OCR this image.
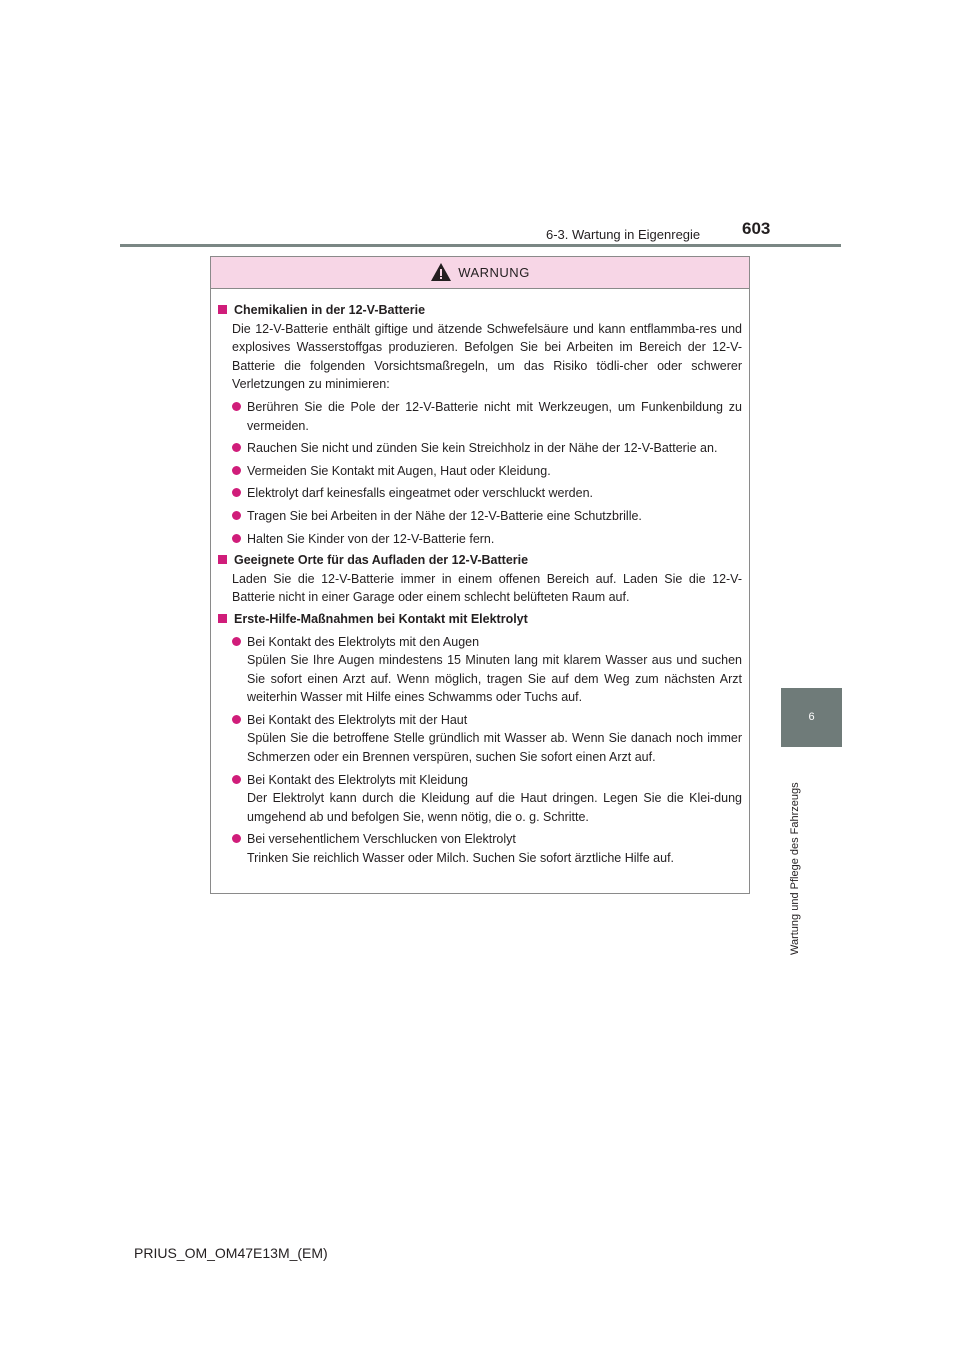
6-3. Wartung in Eigenregie 603
6
Wartung und Pflege des Fahrzeugs
WARNUNG
Chemikalien in der 12-V-Batterie
Die 12-V-Batterie enthält giftige und ätzende Schwefelsäure und kann entflammba-res und explosives Wasserstoffgas produzieren. Befolgen Sie bei Arbeiten im Bereich der 12-V-Batterie die folgenden Vorsichtsmaßregeln, um das Risiko tödli-cher oder schwerer Verletzungen zu minimieren:
Berühren Sie die Pole der 12-V-Batterie nicht mit Werkzeugen, um Funkenbildung zu vermeiden.
Rauchen Sie nicht und zünden Sie kein Streichholz in der Nähe der 12-V-Batterie an.
Vermeiden Sie Kontakt mit Augen, Haut oder Kleidung.
Elektrolyt darf keinesfalls eingeatmet oder verschluckt werden.
Tragen Sie bei Arbeiten in der Nähe der 12-V-Batterie eine Schutzbrille.
Halten Sie Kinder von der 12-V-Batterie fern.
Geeignete Orte für das Aufladen der 12-V-Batterie
Laden Sie die 12-V-Batterie immer in einem offenen Bereich auf. Laden Sie die 12-V-Batterie nicht in einer Garage oder einem schlecht belüfteten Raum auf.
Erste-Hilfe-Maßnahmen bei Kontakt mit Elektrolyt
Bei Kontakt des Elektrolyts mit den Augen
Spülen Sie Ihre Augen mindestens 15 Minuten lang mit klarem Wasser aus und suchen Sie sofort einen Arzt auf. Wenn möglich, tragen Sie auf dem Weg zum nächsten Arzt weiterhin Wasser mit Hilfe eines Schwamms oder Tuchs auf.
Bei Kontakt des Elektrolyts mit der Haut
Spülen Sie die betroffene Stelle gründlich mit Wasser ab. Wenn Sie danach noch immer Schmerzen oder ein Brennen verspüren, suchen Sie sofort einen Arzt auf.
Bei Kontakt des Elektrolyts mit Kleidung
Der Elektrolyt kann durch die Kleidung auf die Haut dringen. Legen Sie die Klei-dung umgehend ab und befolgen Sie, wenn nötig, die o. g. Schritte.
Bei versehentlichem Verschlucken von Elektrolyt
Trinken Sie reichlich Wasser oder Milch. Suchen Sie sofort ärztliche Hilfe auf.
PRIUS_OM_OM47E13M_(EM)
